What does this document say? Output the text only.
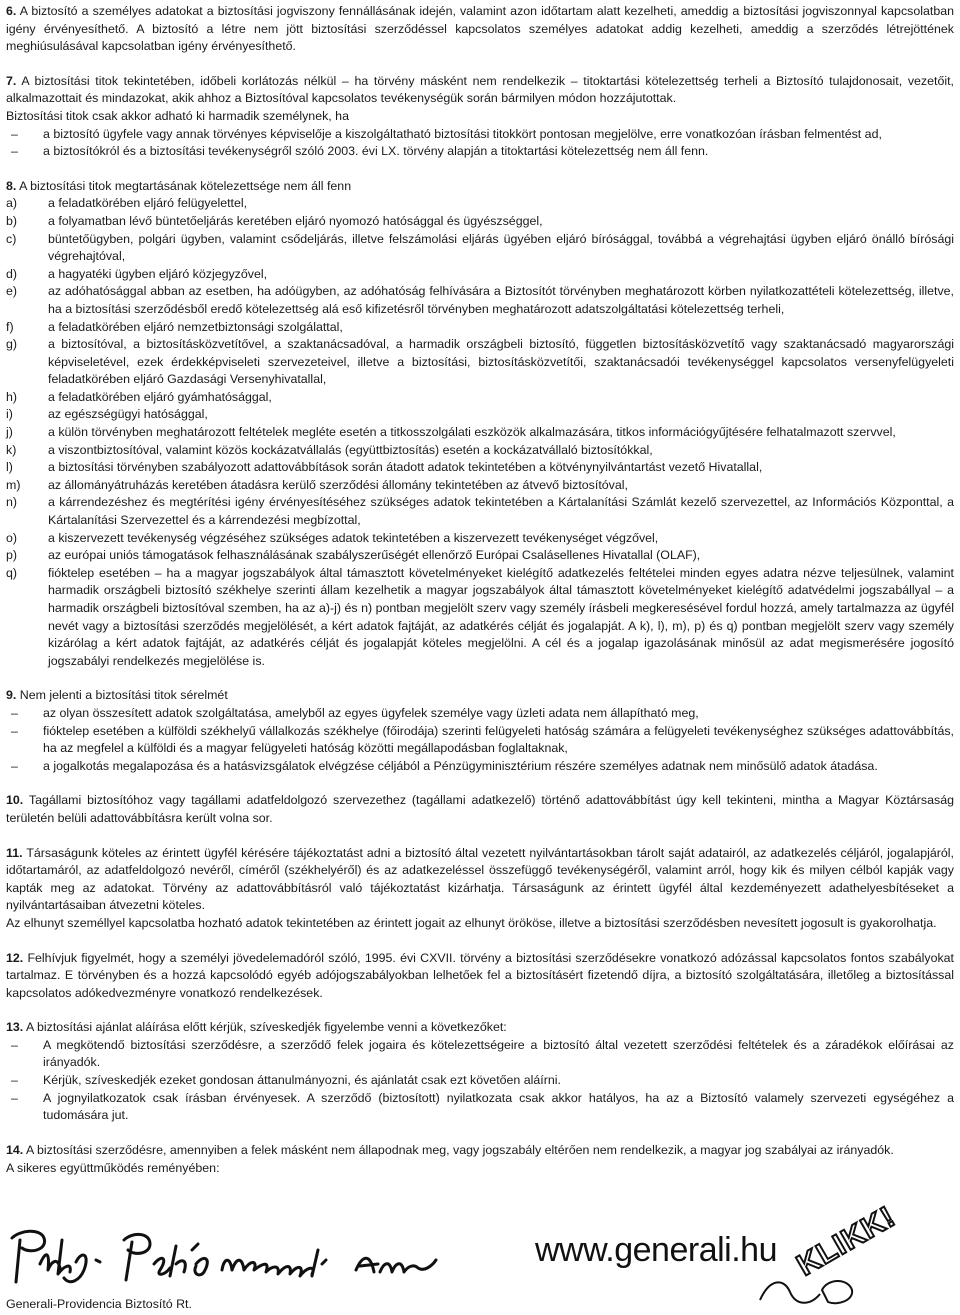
6. A biztosító a személyes adatokat a biztosítási jogviszony fennállásának idején, valamint azon időtartam alatt kezelheti, ameddig a biztosítási jogviszonnyal kapcsolatban igény érvényesíthető. A biztosító a létre nem jött biztosítási szerződéssel kapcsolatos személyes adatokat addig kezelheti, ameddig a szerződés létrejöttének meghiúsulásával kapcsolatban igény érvényesíthető.
7. A biztosítási titok tekintetében, időbeli korlátozás nélkül – ha törvény másként nem rendelkezik – titoktartási kötelezettség terheli a Biztosító tulajdonosait, vezetőit, alkalmazottait és mindazokat, akik ahhoz a Biztosítóval kapcsolatos tevékenységük során bármilyen módon hozzájutottak.
Biztosítási titok csak akkor adható ki harmadik személynek, ha
– a biztosító ügyfele vagy annak törvényes képviselője a kiszolgáltatható biztosítási titokkört pontosan megjelölve, erre vonatkozóan írásban felmentést ad,
– a biztosítókról és a biztosítási tevékenységről szóló 2003. évi LX. törvény alapján a titoktartási kötelezettség nem áll fenn.
8. A biztosítási titok megtartásának kötelezettsége nem áll fenn
a)	a feladatkörében eljáró felügyelettel,
b)	a folyamatban lévő büntetőeljárás keretében eljáró nyomozó hatósággal és ügyészséggel,
c)	büntetőügyben, polgári ügyben, valamint csődeljárás, illetve felszámolási eljárás ügyében eljáró bírósággal, továbbá a végrehajtási ügyben eljáró önálló bírósági végrehajtóval,
d)	a hagyatéki ügyben eljáró közjegyzővel,
e)	az adóhatósággal abban az esetben, ha adóügyben, az adóhatóság felhívására a Biztosítót törvényben meghatározott körben nyilatkozattételi kötelezettség, illetve, ha a biztosítási szerződésből eredő kötelezettség alá eső kifizetésről törvényben meghatározott adatszolgáltatási kötelezettség terheli,
f)	a feladatkörében eljáró nemzetbiztonsági szolgálattal,
g)	a biztosítóval, a biztosításközvetítővel, a szaktanácsadóval, a harmadik országbeli biztosító, független biztosításközvetítő vagy szaktanácsadó magyarországi képviseletével, ezek érdekképviseleti szervezeteivel, illetve a biztosítási, biztosításközvetítői, szaktanácsadói tevékenységgel kapcsolatos versenyfelügyeleti feladatkörében eljáró Gazdasági Versenyhivatallal,
h)	a feladatkörében eljáró gyámhatósággal,
i)	az egészségügyi hatósággal,
j)	a külön törvényben meghatározott feltételek megléte esetén a titkosszolgálati eszközök alkalmazására, titkos információgyűjtésére felhatalmazott szervvel,
k)	a viszontbiztosítóval, valamint közös kockázatvállalás (együttbiztosítás) esetén a kockázatvállaló biztosítókkal,
l)	a biztosítási törvényben szabályozott adattovábbítások során átadott adatok tekintetében a kötvénynyilvántartást vezető Hivatallal,
m)	az állományátruházás keretében átadásra kerülő szerződési állomány tekintetében az átvevő biztosítóval,
n)	a kárrendezéshez és megtérítési igény érvényesítéséhez szükséges adatok tekintetében a Kártalanítási Számlát kezelő szervezettel, az Információs Központtal, a Kártalanítási Szervezettel és a kárrendezési megbízottal,
o)	a kiszervezett tevékenység végzéséhez szükséges adatok tekintetében a kiszervezett tevékenységet végzővel,
p)	az európai uniós támogatások felhasználásának szabályszerűségét ellenőrző Európai Csalásellenes Hivatallal (OLAF),
q)	fióktelep esetében – ha a magyar jogszabályok által támasztott követelményeket kielégítő adatkezelés feltételei minden egyes adatra nézve teljesülnek, valamint harmadik országbeli biztosító székhelye szerinti állam kezelhetik a magyar jogszabályok által támasztott követelményeket kielégítő adatvédelmi jogszabállyal – a harmadik országbeli biztosítóval szemben, ha az a)-j) és n) pontban megjelölt szerv vagy személy írásbeli megkeresésével fordul hozzá, amely tartalmazza az ügyfél nevét vagy a biztosítási szerződés megjelölését, a kért adatok fajtáját, az adatkérés célját és jogalapját. A k), l), m), p) és q) pontban megjelölt szerv vagy személy kizárólag a kért adatok fajtáját, az adatkérés célját és jogalapját köteles megjelölni. A cél és a jogalap igazolásának minősül az adat megismerésére jogosító jogszabályi rendelkezés megjelölése is.
9. Nem jelenti a biztosítási titok sérelmét
– az olyan összesített adatok szolgáltatása, amelyből az egyes ügyfelek személye vagy üzleti adata nem állapítható meg,
– fióktelep esetében a külföldi székhelyű vállalkozás székhelye (főirodája) szerinti felügyeleti hatóság számára a felügyeleti tevékenységhez szükséges adattovábbítás, ha az megfelel a külföldi és a magyar felügyeleti hatóság közötti megállapodásban foglaltaknak,
– a jogalkotás megalapozása és a hatásvizsgálatok elvégzése céljából a Pénzügyminisztérium részére személyes adatnak nem minősülő adatok átadása.
10. Tagállami biztosítóhoz vagy tagállami adatfeldolgozó szervezethez (tagállami adatkezelő) történő adattovábbítást úgy kell tekinteni, mintha a Magyar Köztársaság területén belüli adattovábbításra került volna sor.
11. Társaságunk köteles az érintett ügyfél kérésére tájékoztatást adni a biztosító által vezetett nyilvántartásokban tárolt saját adatairól, az adatkezelés céljáról, jogalapjáról, időtartamáról, az adatfeldolgozó nevéről, címéről (székhelyéről) és az adatkezeléssel összefüggő tevékenységéről, valamint arról, hogy kik és milyen célból kapják vagy kapták meg az adatokat. Törvény az adattovábbításról való tájékoztatást kizárhatja. Társaságunk az érintett ügyfél által kezdeményezett adathelyesbítéseket a nyilvántartásaiban átvezetni köteles.
Az elhunyt személlyel kapcsolatba hozható adatok tekintetében az érintett jogait az elhunyt örököse, illetve a biztosítási szerződésben nevesített jogosult is gyakorolhatja.
12. Felhívjuk figyelmét, hogy a személyi jövedelemadóról szóló, 1995. évi CXVII. törvény a biztosítási szerződésekre vonatkozó adózással kapcsolatos fontos szabályokat tartalmaz. E törvényben és a hozzá kapcsolódó egyéb adójogszabályokban lelhetőek fel a biztosításért fizetendő díjra, a biztosító szolgáltatására, illetőleg a biztosítással kapcsolatos adókedvezményre vonatkozó rendelkezések.
13. A biztosítási ajánlat aláírása előtt kérjük, szíveskedjék figyelembe venni a következőket:
– A megkötendő biztosítási szerződésre, a szerződő felek jogaira és kötelezettségeire a biztosító által vezetett szerződési feltételek és a záradékok előírásai az irányadók.
– Kérjük, szíveskedjék ezeket gondosan áttanulmányozni, és ajánlatát csak ezt követően aláírni.
– A jognyilatkozatok csak írásban érvényesek. A szerződő (biztosított) nyilatkozata csak akkor hatályos, ha az a Biztosító valamely szervezeti egységéhez a tudomására jut.
14. A biztosítási szerződésre, amennyiben a felek másként nem állapodnak meg, vagy jogszabály eltérően nem rendelkezik, a magyar jog szabályai az irányadók.
A sikeres együttműködés reményében:
Generali-Providencia Biztosító Rt.
www.generali.hu KLIKK!
